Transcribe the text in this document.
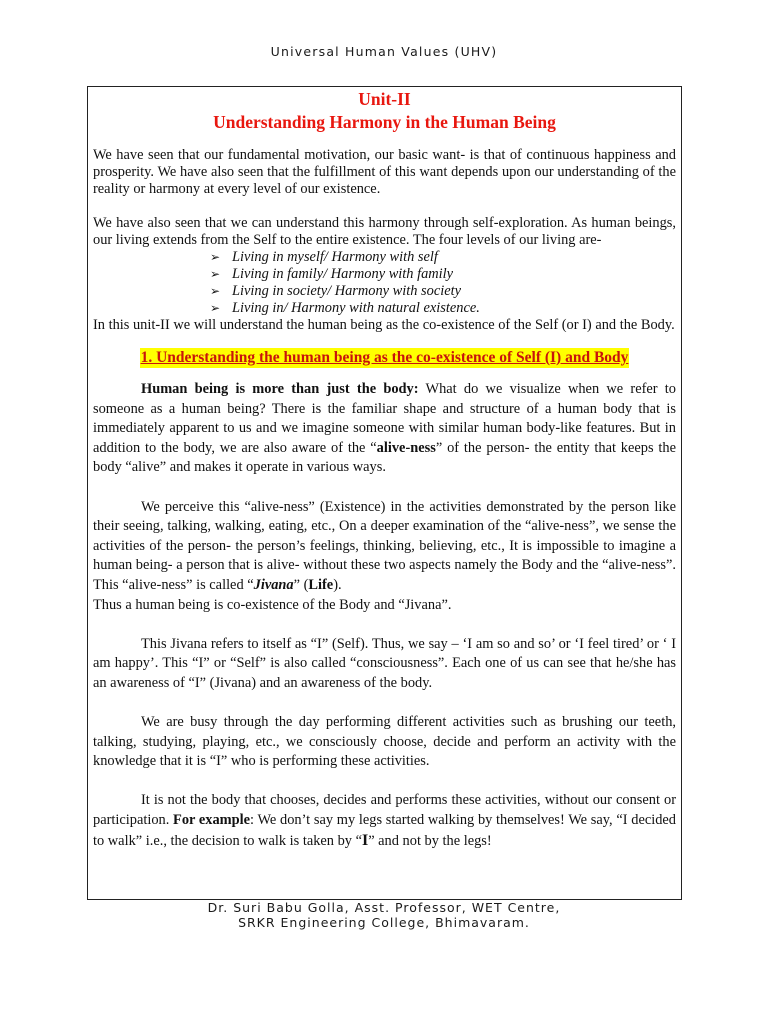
Universal Human Values (UHV)
Unit-II
Understanding Harmony in the Human Being

We have seen that our fundamental motivation, our basic want- is that of continuous happiness and prosperity. We have also seen that the fulfillment of this want depends upon our understanding of the reality or harmony at every level of our existence.

We have also seen that we can understand this harmony through self-exploration. As human beings, our living extends from the Self to the entire existence. The four levels of our living are-

➢ Living in myself/ Harmony with self
➢ Living in family/ Harmony with family
➢ Living in society/ Harmony with society
➢ Living in/ Harmony with natural existence.

In this unit-II we will understand the human being as the co-existence of the Self (or I) and the Body.

1. Understanding the human being as the co-existence of Self (I) and Body

Human being is more than just the body: What do we visualize when we refer to someone as a human being? There is the familiar shape and structure of a human body that is immediately apparent to us and we imagine someone with similar human body-like features. But in addition to the body, we are also aware of the “alive-ness” of the person- the entity that keeps the body “alive” and makes it operate in various ways.

We perceive this “alive-ness” (Existence) in the activities demonstrated by the person like their seeing, talking, walking, eating, etc., On a deeper examination of the “alive-ness”, we sense the activities of the person- the person’s feelings, thinking, believing, etc., It is impossible to imagine a human being- a person that is alive- without these two aspects namely the Body and the “alive-ness”. This “alive-ness” is called “Jivana” (Life).

Thus a human being is co-existence of the Body and “Jivana”.

This Jivana refers to itself as “I” (Self). Thus, we say – ‘I am so and so’ or ‘I feel tired’ or ‘ I am happy’. This “I” or “Self” is also called “consciousness”. Each one of us can see that he/she has an awareness of “I” (Jivana) and an awareness of the body.

We are busy through the day performing different activities such as brushing our teeth, talking, studying, playing, etc., we consciously choose, decide and perform an activity with the knowledge that it is “I” who is performing these activities.

It is not the body that chooses, decides and performs these activities, without our consent or participation. For example: We don’t say my legs started walking by themselves! We say, “I decided to walk” i.e., the decision to walk is taken by “I” and not by the legs!

Dr. Suri Babu Golla, Asst. Professor, WET Centre,
SRKR Engineering College, Bhimavaram.
